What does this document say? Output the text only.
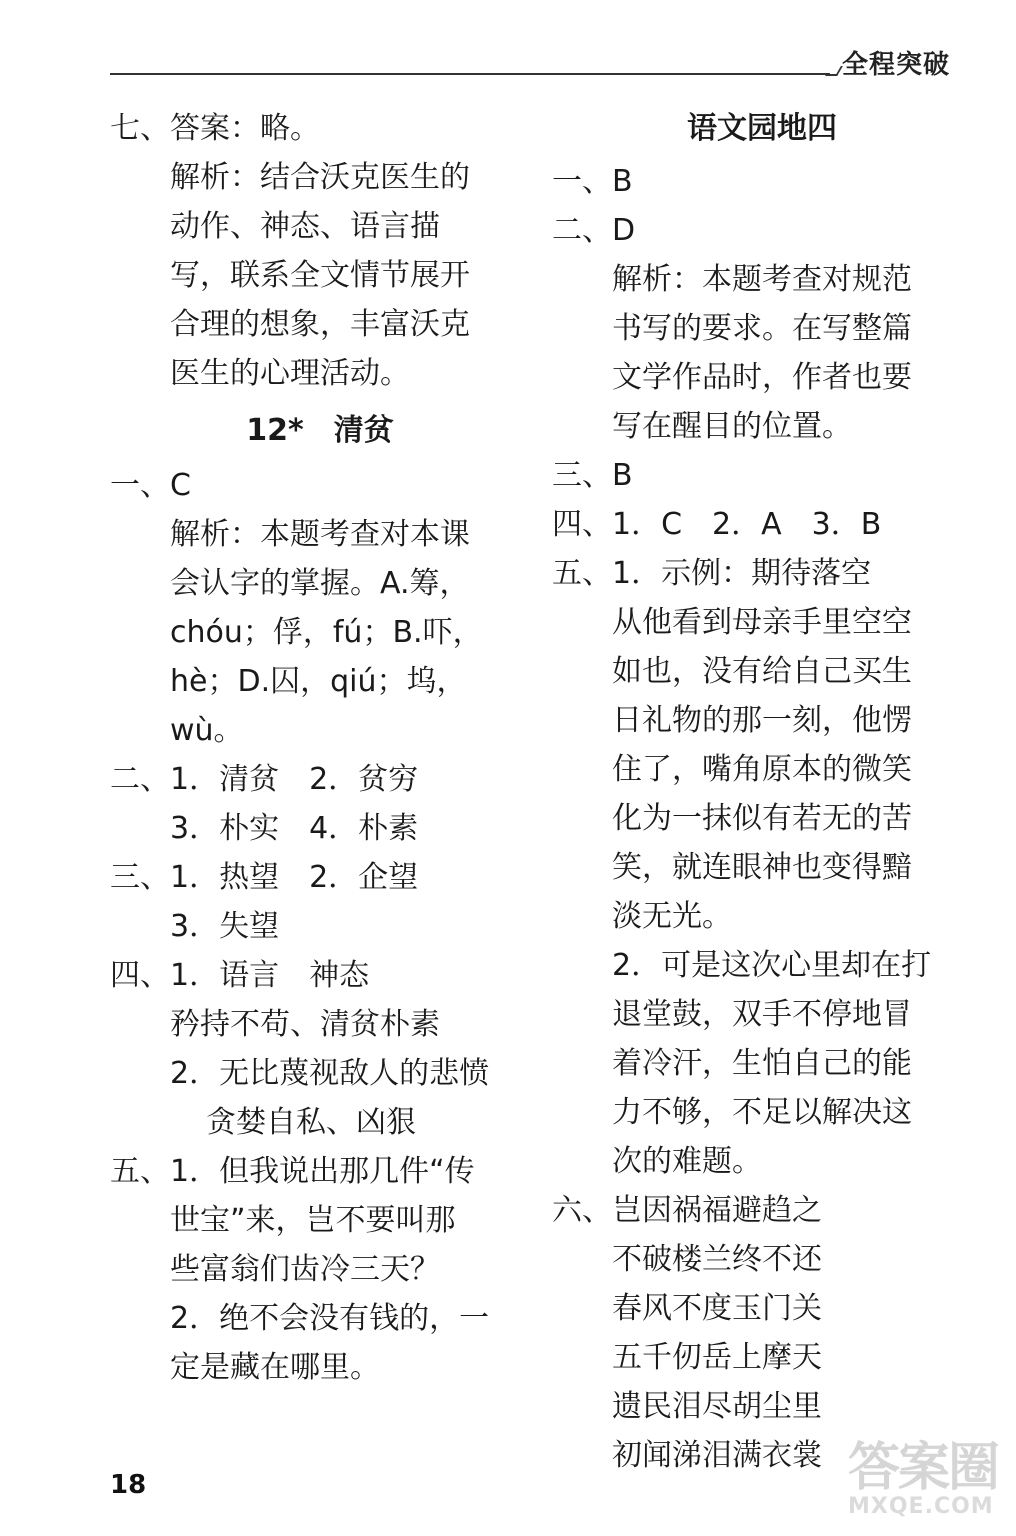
全程突破
七、答案：略。
解析：结合沃克医生的
动作、神态、语言描
写，联系全文情节展开
合理的想象，丰富沃克
医生的心理活动。
12*　清贫
一、C
解析：本题考查对本课
会认字的掌握。A.筹，
chóu；俘，fú；B.吓，
hè；D.囚，qiú；坞，
wù。
二、1．清贫　2．贫穷
3．朴实　4．朴素
三、1．热望　2．企望
3．失望
四、1．语言　神态
矜持不苟、清贫朴素
2．无比蔑视敌人的悲愤
贪婪自私、凶狠
五、1．但我说出那几件“传
世宝”来，岂不要叫那
些富翁们齿冷三天？
2．绝不会没有钱的，一
定是藏在哪里。
语文园地四
一、B
二、D
解析：本题考查对规范
书写的要求。在写整篇
文学作品时，作者也要
写在醒目的位置。
三、B
四、1．C　2．A　3．B
五、1．示例：期待落空
从他看到母亲手里空空
如也，没有给自己买生
日礼物的那一刻，他愣
住了，嘴角原本的微笑
化为一抹似有若无的苦
笑，就连眼神也变得黯
淡无光。
2．可是这次心里却在打
退堂鼓，双手不停地冒
着冷汗，生怕自己的能
力不够，不足以解决这
次的难题。
六、岂因祸福避趋之
不破楼兰终不还
春风不度玉门关
五千仞岳上摩天
遗民泪尽胡尘里
初闻涕泪满衣裳
18	答案圈
MXQE.COM
